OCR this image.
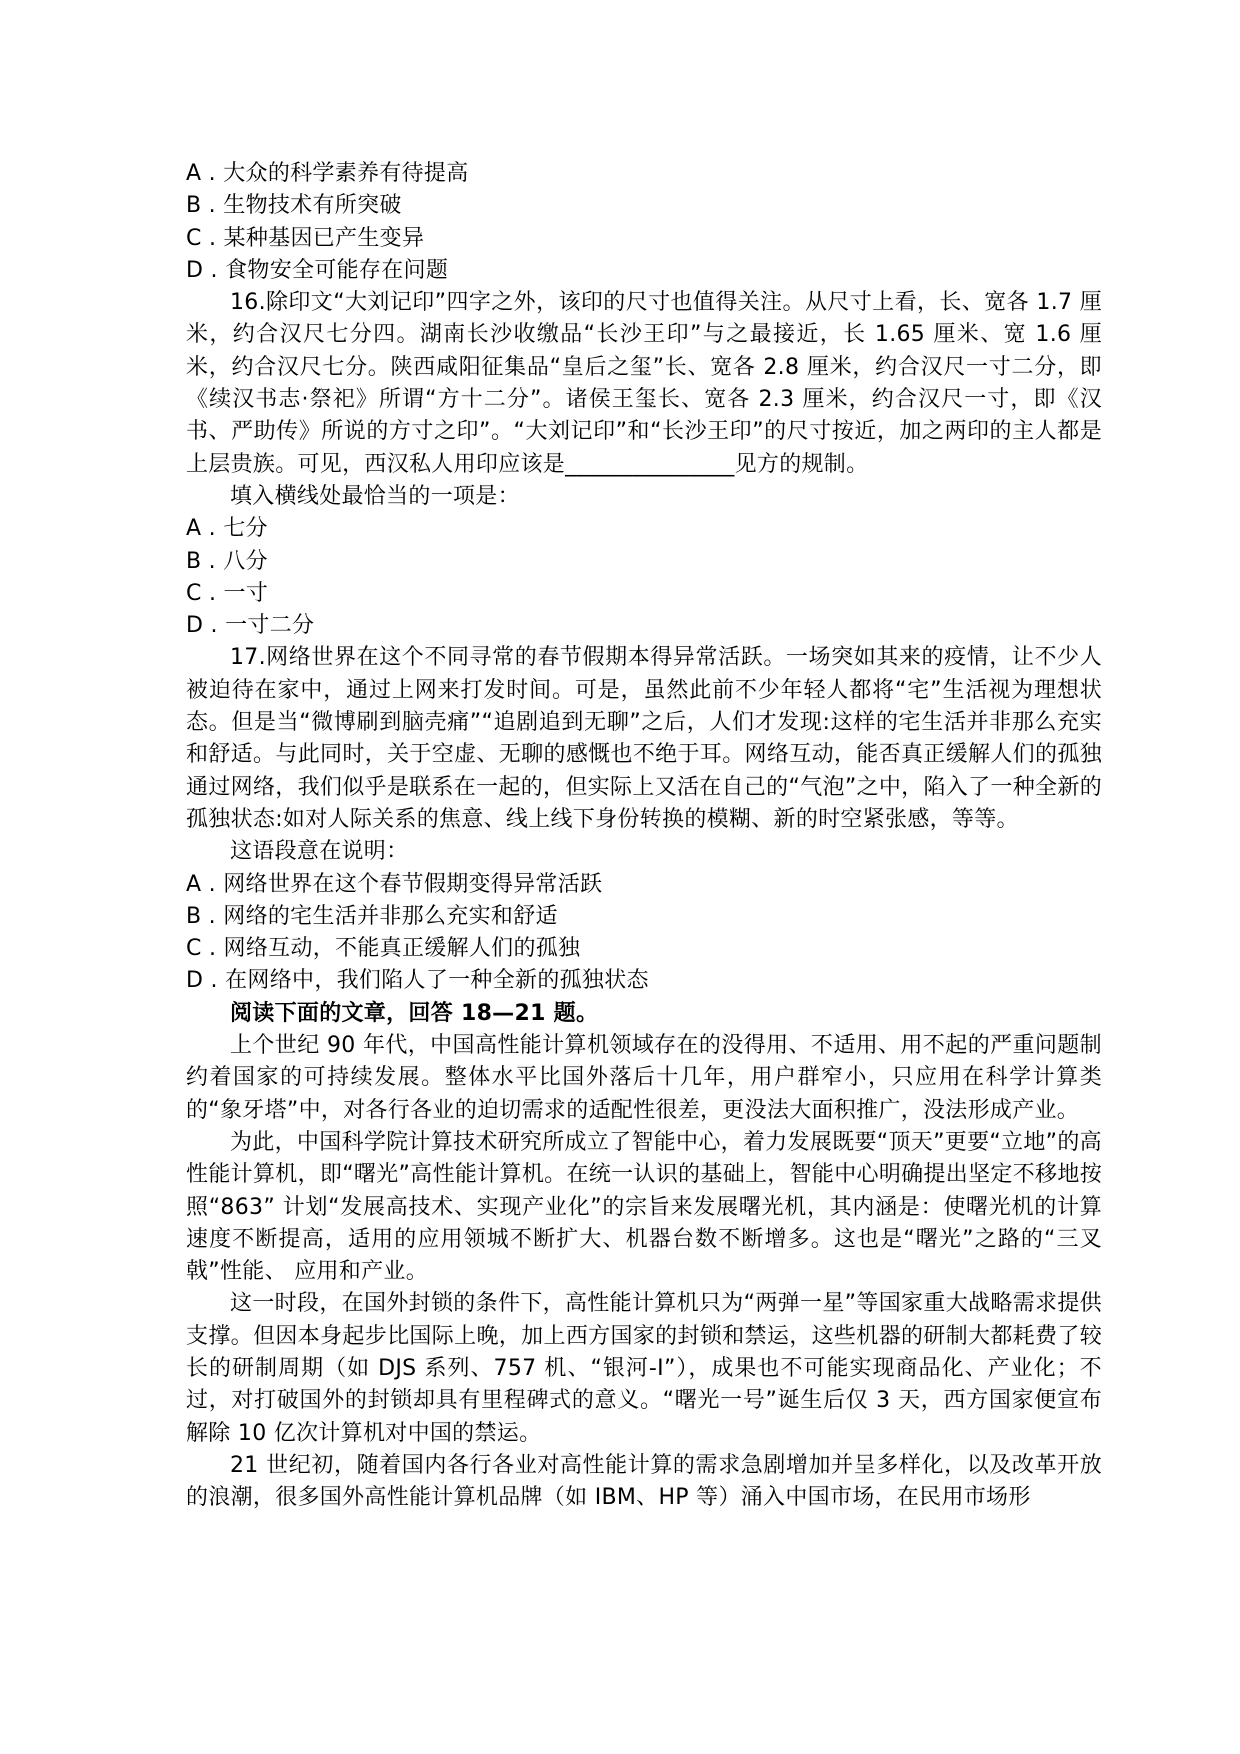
A . 大众的科学素养有待提高

B . 生物技术有所突破

C . 某种基因已产生变异

D . 食物安全可能存在问题

16.除印文“大刘记印”四字之外，该印的尺寸也值得关注。从尺寸上看，长、宽各 1.7 厘米，约合汉尺七分四。湖南长沙收缴品“长沙王印”与之最接近，长 1.65 厘米、宽 1.6 厘米，约合汉尺七分。陕西咸阳征集品“皇后之玺”长、宽各 2.8 厘米，约合汉尺一寸二分，即《续汉书志·祭祀》所谓“方十二分”。诸侯王玺长、宽各 2.3 厘米，约合汉尺一寸，即《汉书、严助传》所说的方寸之印”。“大刘记印”和“长沙王印”的尺寸按近，加之两印的主人都是上层贵族。可见，西汉私人用印应该是_______________见方的规制。

填入横线处最恰当的一项是：

A . 七分

B . 八分

C . 一寸

D . 一寸二分

17.网络世界在这个不同寻常的春节假期本得异常活跃。一场突如其来的疫情，让不少人被迫待在家中，通过上网来打发时间。可是，虽然此前不少年轻人都将“宅”生活视为理想状态。但是当“微博刷到脑壳痛”“追剧追到无聊”之后，人们才发现:这样的宅生活并非那么充实和舒适。与此同时，关于空虚、无聊的感慨也不绝于耳。网络互动，能否真正缓解人们的孤独通过网络，我们似乎是联系在一起的，但实际上又活在自己的“气泡”之中，陷入了一种全新的孤独状态:如对人际关系的焦意、线上线下身份转换的模糊、新的时空紧张感，等等。

这语段意在说明：

A . 网络世界在这个春节假期变得异常活跃

B . 网络的宅生活并非那么充实和舒适

C . 网络互动，不能真正缓解人们的孤独

D . 在网络中，我们陷人了一种全新的孤独状态

阅读下面的文章，回答 18—21 题。

上个世纪 90 年代，中国高性能计算机领域存在的没得用、不适用、用不起的严重问题制约着国家的可持续发展。整体水平比国外落后十几年，用户群窄小，只应用在科学计算类的“象牙塔”中，对各行各业的迫切需求的适配性很差，更没法大面积推广，没法形成产业。

为此，中国科学院计算技术研究所成立了智能中心，着力发展既要“顶天”更要“立地”的高性能计算机，即“曙光”高性能计算机。在统一认识的基础上，智能中心明确提出坚定不移地按照“863” 计划“发展高技术、实现产业化”的宗旨来发展曙光机，其内涵是：使曙光机的计算速度不断提高，适用的应用领城不断扩大、机器台数不断增多。这也是“曙光”之路的“三叉戟”性能、 应用和产业。

这一时段，在国外封锁的条件下，高性能计算机只为“两弹一星”等国家重大战略需求提供支撑。但因本身起步比国际上晚，加上西方国家的封锁和禁运，这些机器的研制大都耗费了较长的研制周期（如 DJS 系列、757 机、“银河-I”），成果也不可能实现商品化、产业化；不过，对打破国外的封锁却具有里程碑式的意义。“曙光一号”诞生后仅 3 天，西方国家便宣布解除 10 亿次计算机对中国的禁运。

21 世纪初，随着国内各行各业对高性能计算的需求急剧增加并呈多样化，以及改革开放的浪潮，很多国外高性能计算机品牌（如 IBM、HP 等）涌入中国市场，在民用市场形
